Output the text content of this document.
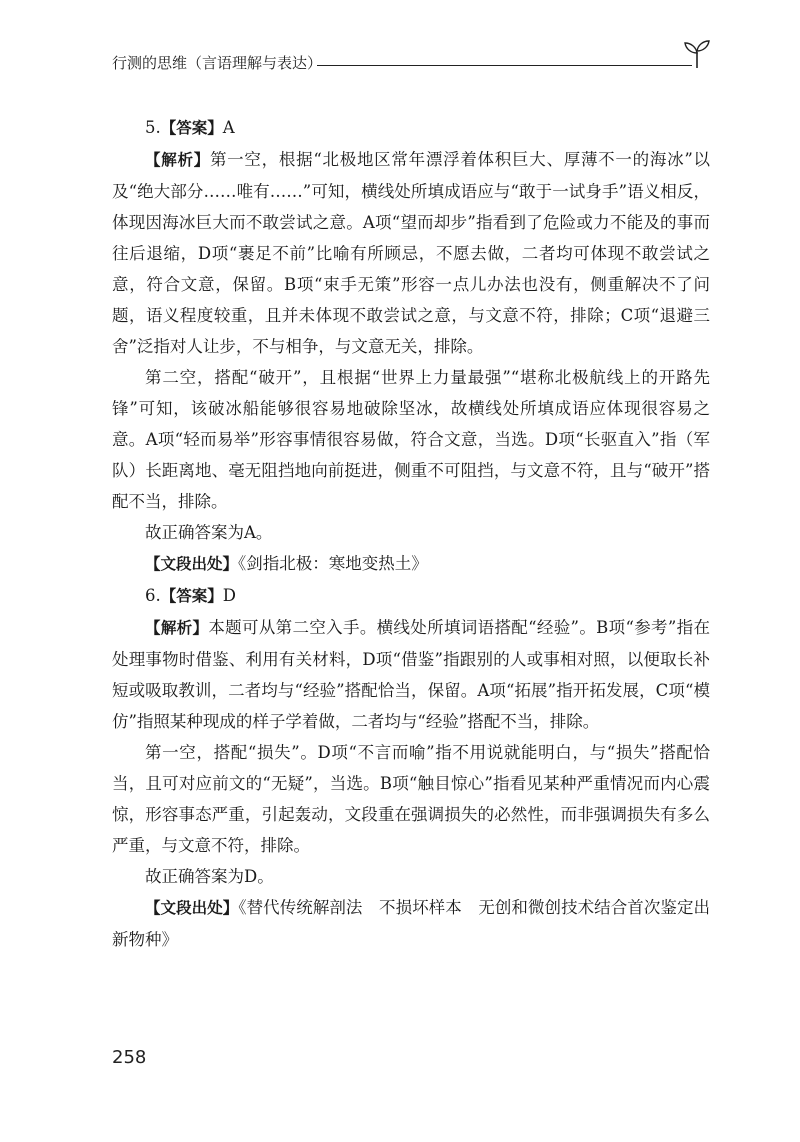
行测的思维（言语理解与表达）

5.【答案】A

【解析】第一空，根据“北极地区常年漂浮着体积巨大、厚薄不一的海冰”以及“绝大部分……唯有……”可知，横线处所填成语应与“敢于一试身手”语义相反，体现因海冰巨大而不敢尝试之意。A项“望而却步”指看到了危险或力不能及的事而往后退缩，D项“裹足不前”比喻有所顾忌，不愿去做，二者均可体现不敢尝试之意，符合文意，保留。B项“束手无策”形容一点儿办法也没有，侧重解决不了问题，语义程度较重，且并未体现不敢尝试之意，与文意不符，排除；C项“退避三舍”泛指对人让步，不与相争，与文意无关，排除。

第二空，搭配“破开”，且根据“世界上力量最强”“堪称北极航线上的开路先锋”可知，该破冰船能够很容易地破除坚冰，故横线处所填成语应体现很容易之意。A项“轻而易举”形容事情很容易做，符合文意，当选。D项“长驱直入”指（军队）长距离地、毫无阻挡地向前挺进，侧重不可阻挡，与文意不符，且与“破开”搭配不当，排除。

故正确答案为A。

【文段出处】《剑指北极：寒地变热土》

6.【答案】D

【解析】本题可从第二空入手。横线处所填词语搭配“经验”。B项“参考”指在处理事物时借鉴、利用有关材料，D项“借鉴”指跟别的人或事相对照，以便取长补短或吸取教训，二者均与“经验”搭配恰当，保留。A项“拓展”指开拓发展，C项“模仿”指照某种现成的样子学着做，二者均与“经验”搭配不当，排除。

第一空，搭配“损失”。D项“不言而喻”指不用说就能明白，与“损失”搭配恰当，且可对应前文的“无疑”，当选。B项“触目惊心”指看见某种严重情况而内心震惊，形容事态严重，引起轰动，文段重在强调损失的必然性，而非强调损失有多么严重，与文意不符，排除。

故正确答案为D。

【文段出处】《替代传统解剖法　不损坏样本　无创和微创技术结合首次鉴定出新物种》

258
